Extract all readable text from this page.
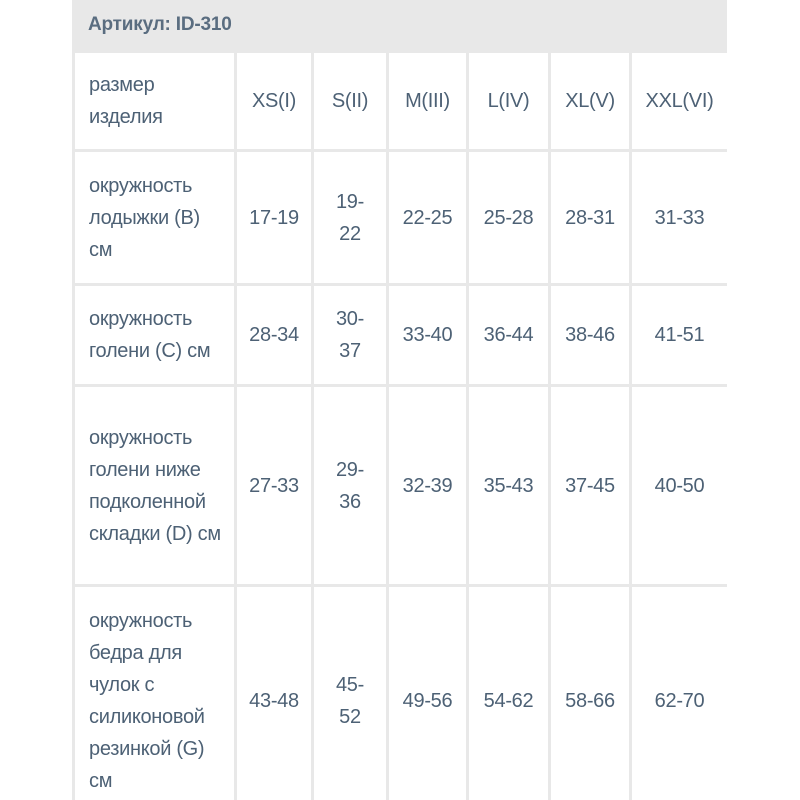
Артикул: ID-310
размер изделия	XS(I)	S(II)	M(III)	L(IV)	XL(V)	XXL(VI)
окружность лодыжки (B) см	17-19	19-22	22-25	25-28	28-31	31-33
окружность голени (C) см	28-34	30-37	33-40	36-44	38-46	41-51
окружность голени ниже подколенной складки (D) см	27-33	29-36	32-39	35-43	37-45	40-50
окружность бедра для чулок с силиконовой резинкой (G) см	43-48	45-52	49-56	54-62	58-66	62-70
